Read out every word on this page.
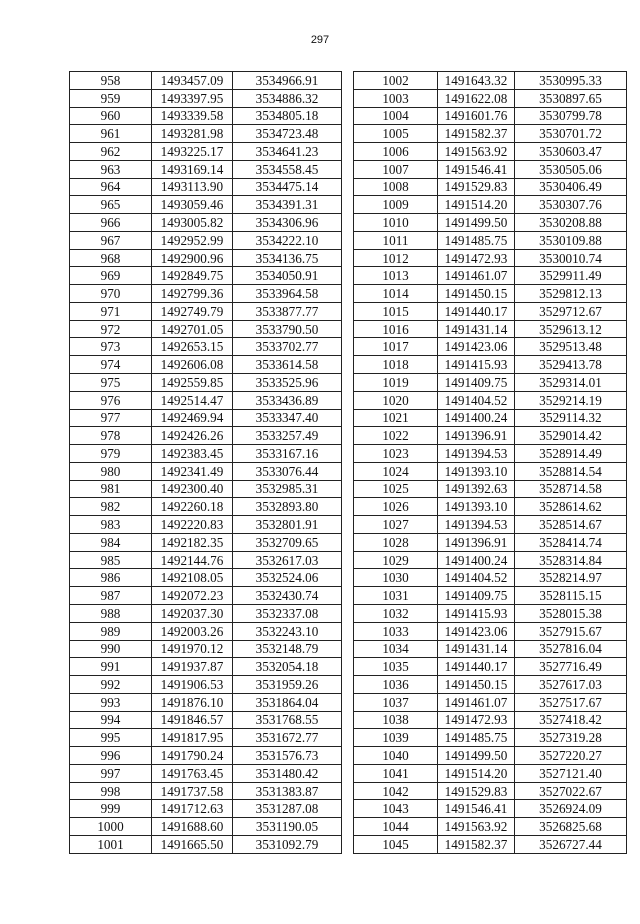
297
958	1493457.09	3534966.91
959	1493397.95	3534886.32
960	1493339.58	3534805.18
961	1493281.98	3534723.48
962	1493225.17	3534641.23
963	1493169.14	3534558.45
964	1493113.90	3534475.14
965	1493059.46	3534391.31
966	1493005.82	3534306.96
967	1492952.99	3534222.10
968	1492900.96	3534136.75
969	1492849.75	3534050.91
970	1492799.36	3533964.58
971	1492749.79	3533877.77
972	1492701.05	3533790.50
973	1492653.15	3533702.77
974	1492606.08	3533614.58
975	1492559.85	3533525.96
976	1492514.47	3533436.89
977	1492469.94	3533347.40
978	1492426.26	3533257.49
979	1492383.45	3533167.16
980	1492341.49	3533076.44
981	1492300.40	3532985.31
982	1492260.18	3532893.80
983	1492220.83	3532801.91
984	1492182.35	3532709.65
985	1492144.76	3532617.03
986	1492108.05	3532524.06
987	1492072.23	3532430.74
988	1492037.30	3532337.08
989	1492003.26	3532243.10
990	1491970.12	3532148.79
991	1491937.87	3532054.18
992	1491906.53	3531959.26
993	1491876.10	3531864.04
994	1491846.57	3531768.55
995	1491817.95	3531672.77
996	1491790.24	3531576.73
997	1491763.45	3531480.42
998	1491737.58	3531383.87
999	1491712.63	3531287.08
1000	1491688.60	3531190.05
1001	1491665.50	3531092.79
1002	1491643.32	3530995.33
1003	1491622.08	3530897.65
1004	1491601.76	3530799.78
1005	1491582.37	3530701.72
1006	1491563.92	3530603.47
1007	1491546.41	3530505.06
1008	1491529.83	3530406.49
1009	1491514.20	3530307.76
1010	1491499.50	3530208.88
1011	1491485.75	3530109.88
1012	1491472.93	3530010.74
1013	1491461.07	3529911.49
1014	1491450.15	3529812.13
1015	1491440.17	3529712.67
1016	1491431.14	3529613.12
1017	1491423.06	3529513.48
1018	1491415.93	3529413.78
1019	1491409.75	3529314.01
1020	1491404.52	3529214.19
1021	1491400.24	3529114.32
1022	1491396.91	3529014.42
1023	1491394.53	3528914.49
1024	1491393.10	3528814.54
1025	1491392.63	3528714.58
1026	1491393.10	3528614.62
1027	1491394.53	3528514.67
1028	1491396.91	3528414.74
1029	1491400.24	3528314.84
1030	1491404.52	3528214.97
1031	1491409.75	3528115.15
1032	1491415.93	3528015.38
1033	1491423.06	3527915.67
1034	1491431.14	3527816.04
1035	1491440.17	3527716.49
1036	1491450.15	3527617.03
1037	1491461.07	3527517.67
1038	1491472.93	3527418.42
1039	1491485.75	3527319.28
1040	1491499.50	3527220.27
1041	1491514.20	3527121.40
1042	1491529.83	3527022.67
1043	1491546.41	3526924.09
1044	1491563.92	3526825.68
1045	1491582.37	3526727.44
